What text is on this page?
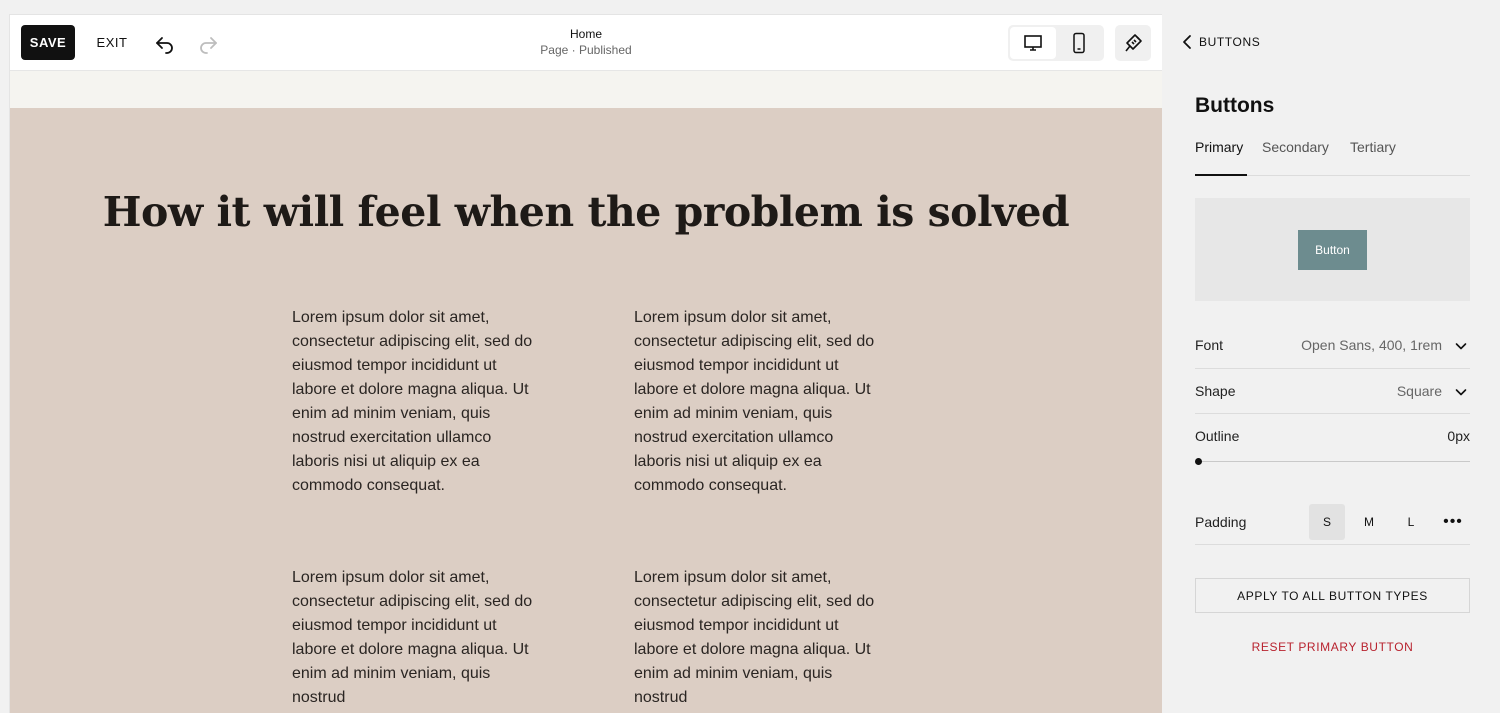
SAVE	EXIT
Home
Page · Published
How it will feel when the problem is solved

Lorem ipsum dolor sit amet, consectetur adipiscing elit, sed do eiusmod tempor incididunt ut labore et dolore magna aliqua. Ut enim ad minim veniam, quis nostrud exercitation ullamco laboris nisi ut aliquip ex ea commodo consequat.

Lorem ipsum dolor sit amet, consectetur adipiscing elit, sed do eiusmod tempor incididunt ut labore et dolore magna aliqua. Ut enim ad minim veniam, quis nostrud exercitation ullamco laboris nisi ut aliquip ex ea commodo consequat.

Lorem ipsum dolor sit amet, consectetur adipiscing elit, sed do eiusmod tempor incididunt ut labore et dolore magna aliqua. Ut enim ad minim veniam, quis nostrud

Lorem ipsum dolor sit amet, consectetur adipiscing elit, sed do eiusmod tempor incididunt ut labore et dolore magna aliqua. Ut enim ad minim veniam, quis nostrud

BUTTONS
Buttons
Primary Secondary Tertiary
Button
Font	Open Sans, 400, 1rem
Shape	Square
Outline	0px
Padding	S	M	L	•••
APPLY TO ALL BUTTON TYPES
RESET PRIMARY BUTTON
